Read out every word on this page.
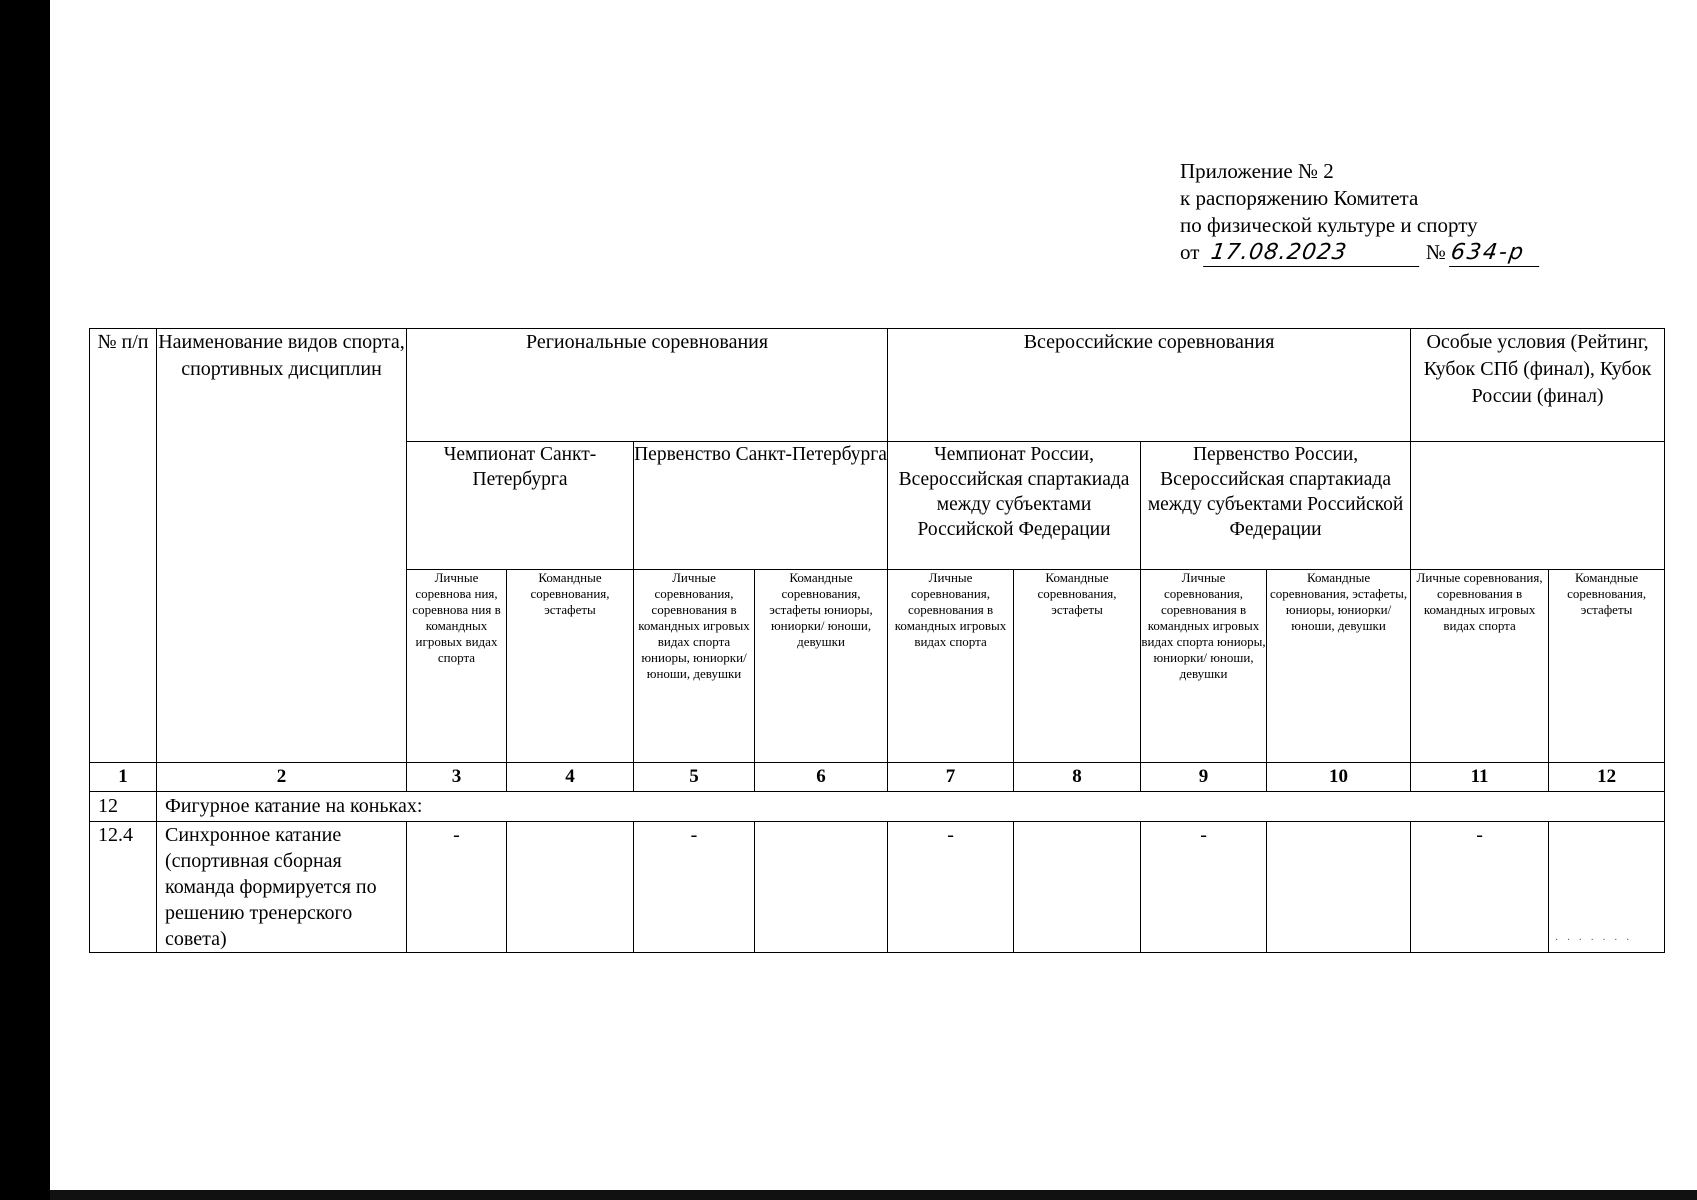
Приложение № 2
к распоряжению Комитета
по физической культуре и спорту
от 17.08.2023	№ 634-р
№ п/п	Наименование видов спорта, спортивных дисциплин	Региональные соревнования				Всероссийские соревнования				Особые условия (Рейтинг, Кубок СПб (финал), Кубок России (финал)	
		Чемпионат Санкт-Петербурга		Первенство Санкт-Петербурга		Чемпионат России, Всероссийская спартакиада между субъектами Российской Федерации		Первенство России, Всероссийская спартакиада между субъектами Российской Федерации			
		Личные соревнова ния, соревнова ния в командных игровых видах спорта	Командные соревнования, эстафеты	Личные соревнования, соревнования в командных игровых видах спорта юниоры, юниорки/ юноши, девушки	Командные соревнования, эстафеты юниоры, юниорки/ юноши, девушки	Личные соревнования, соревнования в командных игровых видах спорта	Командные соревнования, эстафеты	Личные соревнования, соревнования в командных игровых видах спорта юниоры, юниорки/ юноши, девушки	Командные соревнования, эстафеты, юниоры, юниорки/ юноши, девушки	Личные соревнования, соревнования в командных игровых видах спорта	Командные соревнования, эстафеты
1	2	3	4	5	6	7	8	9	10	11	12
12	Фигурное катание на коньках:										
12.4	Синхронное катание (спортивная сборная команда формируется по решению тренерского совета)	-		-		-		-		-	
· · · · · · ·
